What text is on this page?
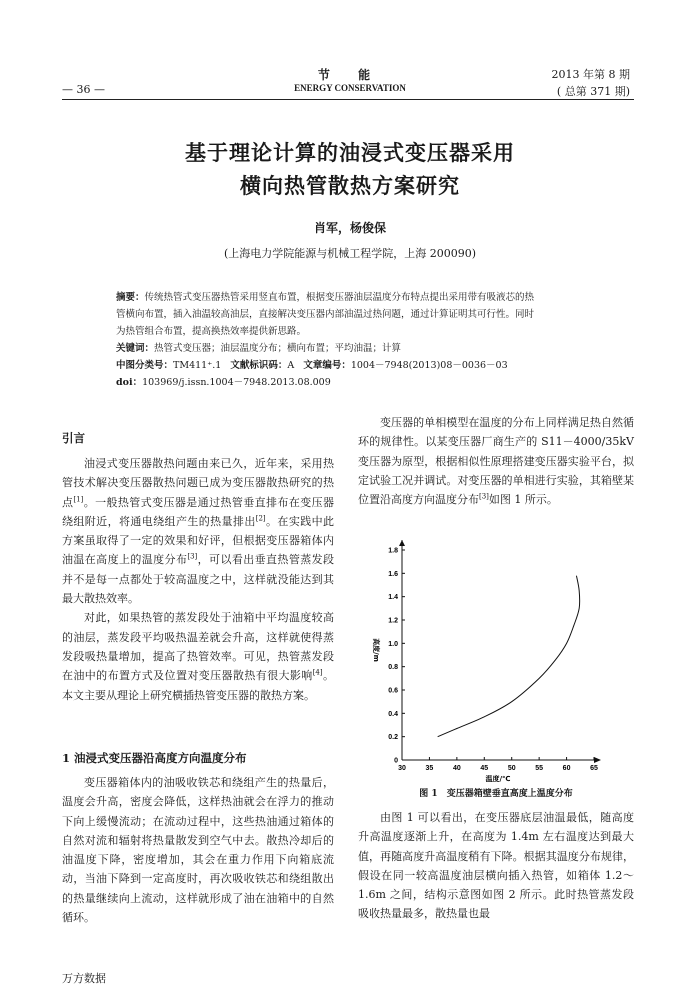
节 能
ENERGY CONSERVATION
— 36 —
2013 年第 8 期
( 总第 371 期)
基于理论计算的油浸式变压器采用
横向热管散热方案研究
肖军，杨俊保
(上海电力学院能源与机械工程学院，上海 200090)
摘要：传统热管式变压器热管采用竖直布置，根据变压器油层温度分布特点提出采用带有吸液芯的热
管横向布置，插入油温较高油层，直接解决变压器内部油温过热问题，通过计算证明其可行性。同时
为热管组合布置，提高换热效率提供新思路。
关键词：热管式变压器；油层温度分布；横向布置；平均油温；计算
中图分类号：TM411⁺.1 文献标识码：A 文章编号：1004－7948(2013)08－0036－03
doi：103969/j.issn.1004－7948.2013.08.009
引言

油浸式变压器散热问题由来已久，近年来，采用热管技术解决变压器散热问题已成为变压器散热研究的热点[1]。一般热管式变压器是通过热管垂直排布在变压器绕组附近，将通电绕组产生的热量排出[2]。在实践中此方案虽取得了一定的效果和好评，但根据变压器箱体内油温在高度上的温度分布[3]，可以看出垂直热管蒸发段并不是每一点都处于较高温度之中，这样就没能达到其最大散热效率。

对此，如果热管的蒸发段处于油箱中平均温度较高的油层，蒸发段平均吸热温差就会升高，这样就使得蒸发段吸热量增加，提高了热管效率。可见，热管蒸发段在油中的布置方式及位置对变压器散热有很大影响[4]。本文主要从理论上研究横插热管变压器的散热方案。

1 油浸式变压器沿高度方向温度分布

变压器箱体内的油吸收铁芯和绕组产生的热量后，温度会升高，密度会降低，这样热油就会在浮力的推动下向上缓慢流动；在流动过程中，这些热油通过箱体的自然对流和辐射将热量散发到空气中去。散热冷却后的油温度下降，密度增加，其会在重力作用下向箱底流动，当油下降到一定高度时，再次吸收铁芯和绕组散出的热量继续向上流动，这样就形成了油在油箱中的自然循环。

变压器的单相模型在温度的分布上同样满足热自然循环的规律性。以某变压器厂商生产的 S11－4000/35kV 变压器为原型，根据相似性原理搭建变压器实验平台，拟定试验工况并调试。对变压器的单相进行实验，其箱壁某位置沿高度方向温度分布[3]如图 1 所示。

30	35	40	45	50	55	60	65
0
0.2
0.4
0.6
0.8
1.0
1.2
1.4
1.6
1.8
温度/℃
高度/m
图 1　变压器箱壁垂直高度上温度分布

由图 1 可以看出，在变压器底层油温最低，随高度升高温度逐渐上升，在高度为 1.4m 左右温度达到最大值，再随高度升高温度稍有下降。根据其温度分布规律，假设在同一较高温度油层横向插入热管，如箱体 1.2～1.6m 之间，结构示意图如图 2 所示。此时热管蒸发段吸收热量最多，散热量也最

万方数据
